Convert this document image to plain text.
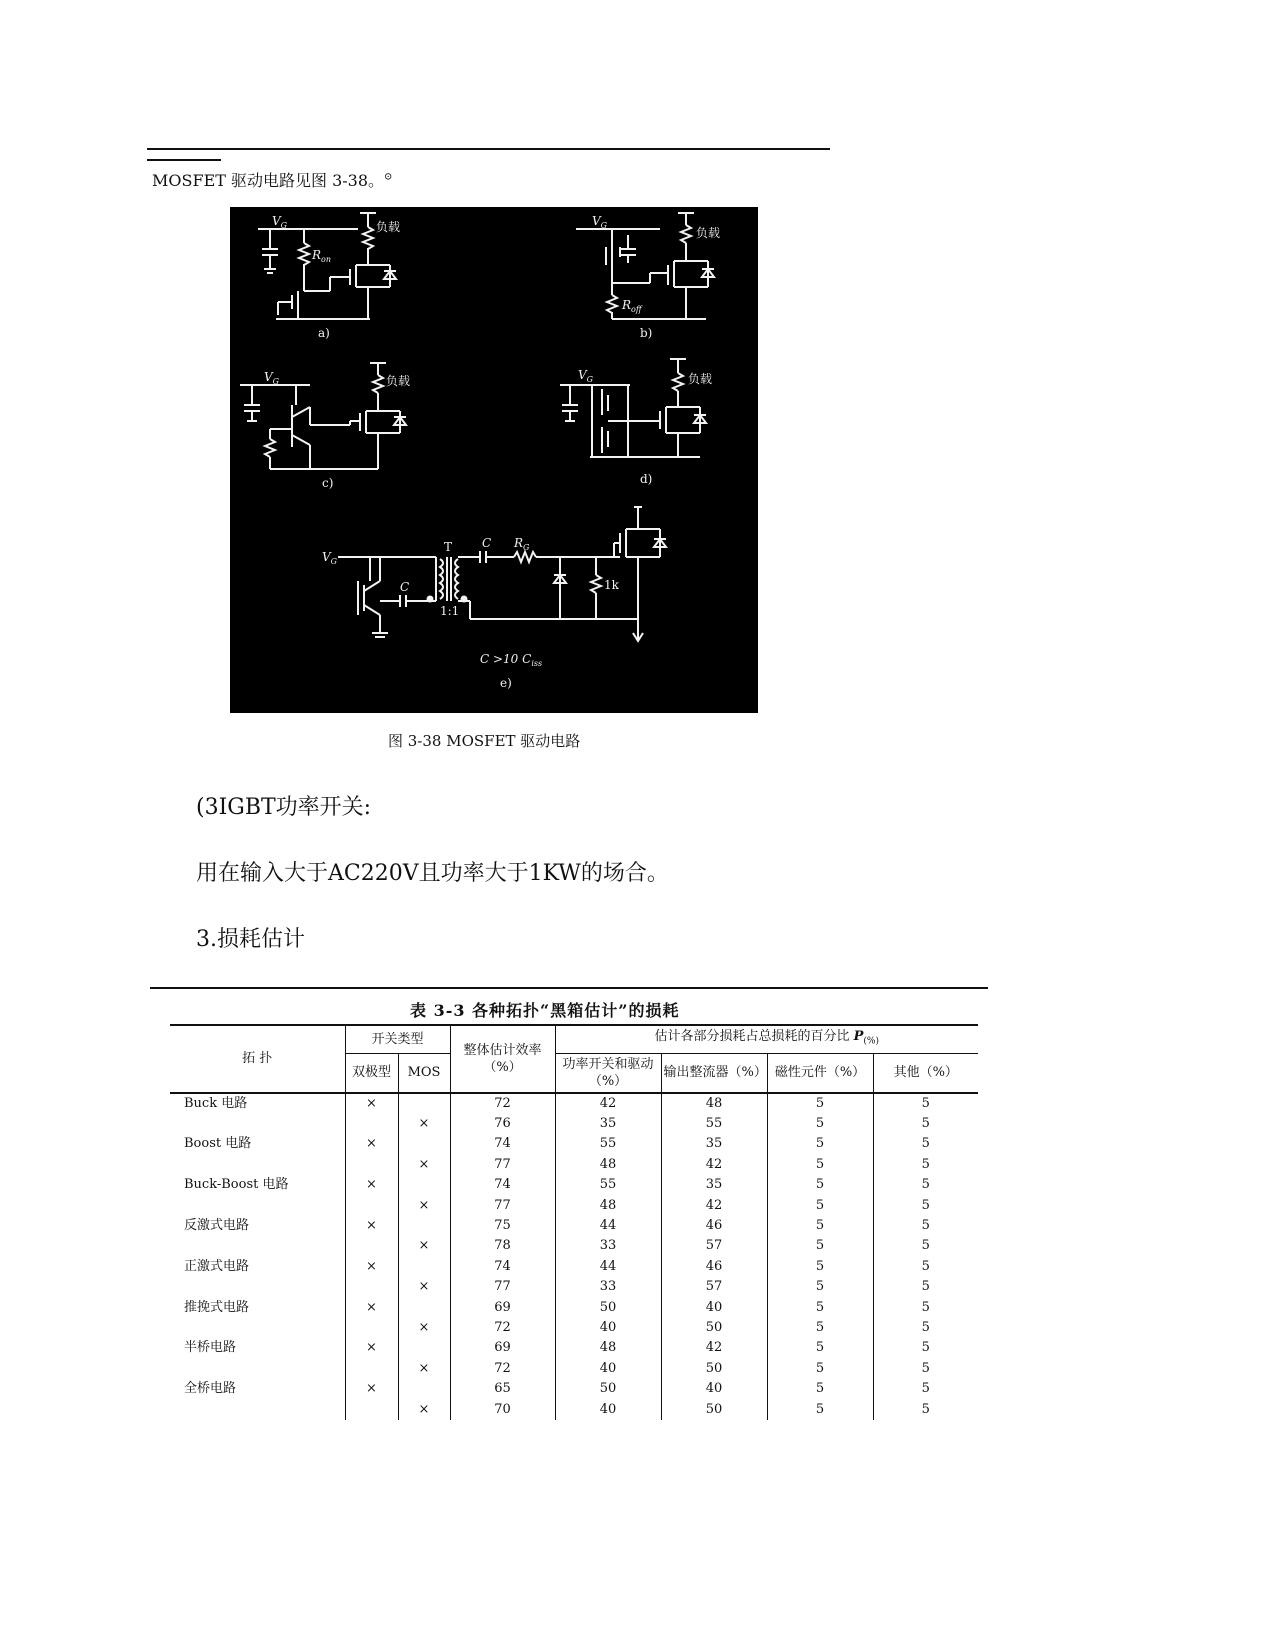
MOSFET 驱动电路见图 3-38。⊙
$V_G$
$R_{on}$
负载
a)
$V_G$
负载
$R_{off}$
b)
$V_G$	负载
c)
$V_G$	负载
d)
$V_G$
T
1:1
C
C $R_G$
1k
C >10 $C_{iss}$
e)
图 3-38 MOSFET 驱动电路
(3IGBT功率开关:
用在输入大于AC220V且功率大于1KW的场合。
3.损耗估计
表 3-3 各种拓扑“黑箱估计”的损耗
拓 扑	开关类型		整体估计效率（%）	估计各部分损耗占总损耗的百分比 $P_{(\%)}$
	双极型	MOS		功率开关和驱动（%）	输出整流器（%）	磁性元件（%）	其他（%）
Buck 电路	×		72	42	48	5	5
		×	76	35	55	5	5
Boost 电路	×		74	55	35	5	5
		×	77	48	42	5	5
Buck-Boost 电路	×		74	55	35	5	5
		×	77	48	42	5	5
反激式电路	×		75	44	46	5	5
		×	78	33	57	5	5
正激式电路	×		74	44	46	5	5
		×	77	33	57	5	5
推挽式电路	×		69	50	40	5	5
		×	72	40	50	5	5
半桥电路	×		69	48	42	5	5
		×	72	40	50	5	5
全桥电路	×		65	50	40	5	5
		×	70	40	50	5	5
